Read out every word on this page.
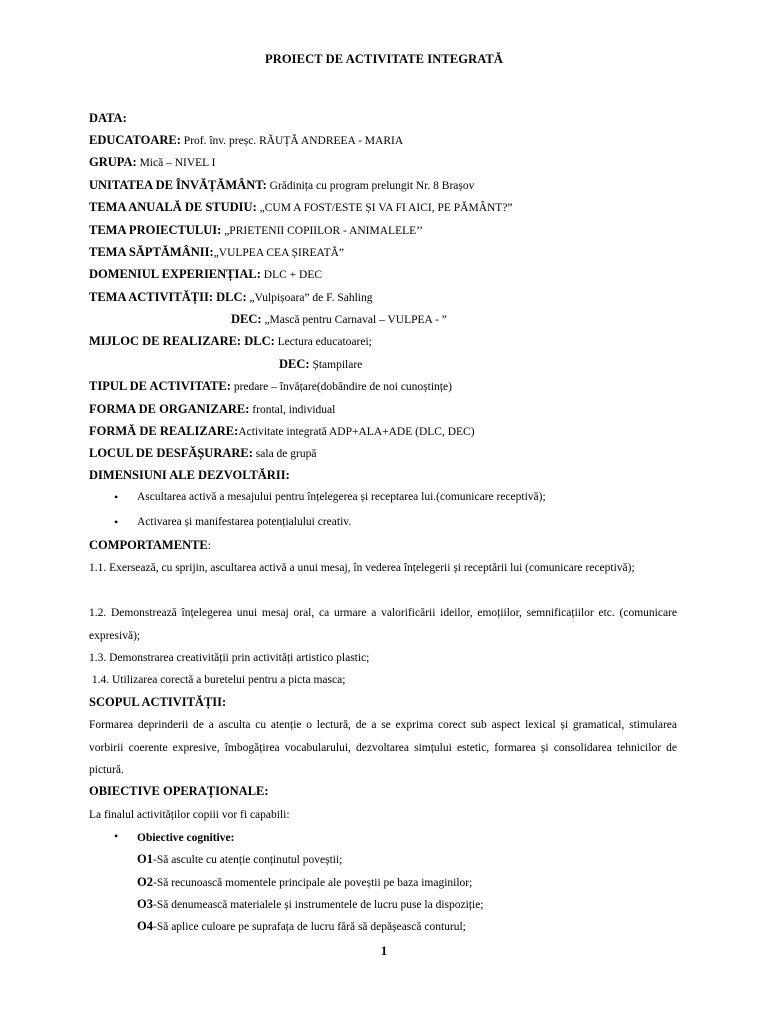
PROIECT DE ACTIVITATE INTEGRATĂ
DATA:
EDUCATOARE: Prof. înv. preșc. RĂUȚĂ ANDREEA - MARIA
GRUPA: Mică – NIVEL I
UNITATEA DE ÎNVĂȚĂMÂNT: Grădinița cu program prelungit Nr. 8 Brașov
TEMA ANUALĂ DE STUDIU: „CUM A FOST/ESTE ȘI VA FI AICI, PE PĂMÂNT?”
TEMA PROIECTULUI: „PRIETENII COPIILOR - ANIMALELE’’
TEMA SĂPTĂMÂNII:„VULPEA CEA ȘIREATĂ”
DOMENIUL EXPERIENȚIAL: DLC + DEC
TEMA ACTIVITĂȚII: DLC: „Vulpișoara” de F. Sahling
DEC: „Mască pentru Carnaval – VULPEA - ”
MIJLOC DE REALIZARE: DLC: Lectura educatoarei;
DEC: Ștampilare
TIPUL DE ACTIVITATE: predare – învățare(dobândire de noi cunoștințe)
FORMA DE ORGANIZARE: frontal, individual
FORMĂ DE REALIZARE:Activitate integrată ADP+ALA+ADE (DLC, DEC)
LOCUL DE DESFĂȘURARE: sala de grupă
DIMENSIUNI ALE DEZVOLTĂRII:
• Ascultarea activă a mesajului pentru înțelegerea și receptarea lui.(comunicare receptivă);
• Activarea și manifestarea potențialului creativ.
COMPORTAMENTE:
1.1. Exersează, cu sprijin, ascultarea activă a unui mesaj, în vederea înțelegerii și receptării lui (comunicare receptivă);
1.2. Demonstrează înțelegerea unui mesaj oral, ca urmare a valorificării ideilor, emoțiilor, semnificațiilor etc. (comunicare expresivă);
1.3. Demonstrarea creativității prin activități artistico plastic;
1.4. Utilizarea corectă a buretelui pentru a picta masca;
SCOPUL ACTIVITĂȚII:
Formarea deprinderii de a asculta cu atenție o lectură, de a se exprima corect sub aspect lexical și gramatical, stimularea vorbirii coerente expresive, îmbogățirea vocabularului, dezvoltarea simțului estetic, formarea și consolidarea tehnicilor de pictură.
OBIECTIVE OPERAȚIONALE:
La finalul activităților copiii vor fi capabili:
• Obiective cognitive:
O1-Să asculte cu atenție conținutul poveștii;
O2-Să recunoască momentele principale ale poveștii pe baza imaginilor;
O3-Să denumească materialele și instrumentele de lucru puse la dispoziție;
O4-Să aplice culoare pe suprafața de lucru fără să depășească conturul;
1
